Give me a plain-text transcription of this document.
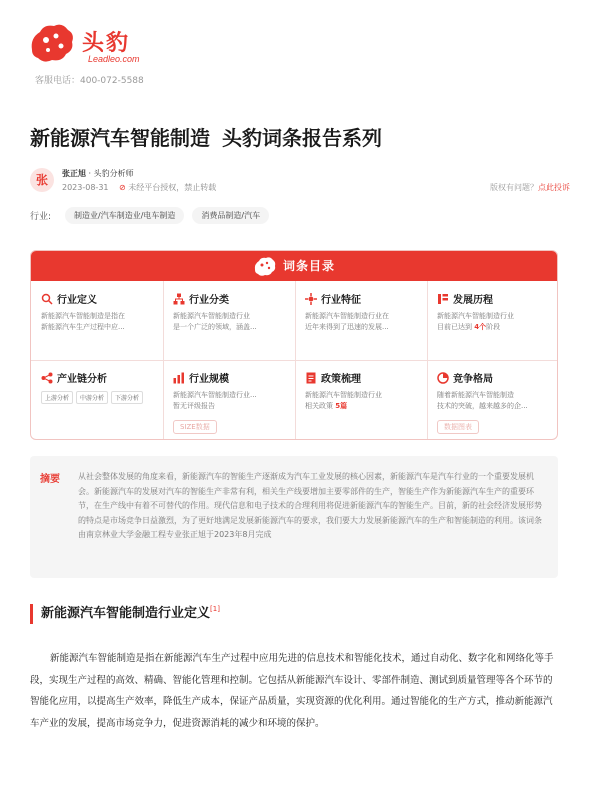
头豹
Leadleo.com
客服电话：400-072-5588
新能源汽车智能制造 头豹词条报告系列
张	张正旭 · 头豹分析师
2023-08-31 ⊘ 未经平台授权，禁止转载	版权有问题？点此投诉
行业:	制造业/汽车制造业/电车制造	消费品制造/汽车
词条目录
行业定义
新能源汽车智能制造是指在
新能源汽车生产过程中应...
行业分类
新能源汽车智能制造行业
是一个广泛的领域，涵盖...
行业特征
新能源汽车智能制造行业在
近年来得到了迅速的发展...
发展历程
新能源汽车智能制造行业
目前已达到 4个阶段
产业链分析
上游分析 中游分析 下游分析
行业规模
新能源汽车智能制造行业...
暂无评级报告
SIZE数据
政策梳理
新能源汽车智能制造行业
相关政策 5篇
竞争格局
随着新能源汽车智能制造
技术的突破，越来越多的企...
数据图表
摘要 从社会整体发展的角度来看，新能源汽车的智能生产逐渐成为汽车工业发展的核心因素，新能源汽车是汽车行业的一个重要发展机会。新能源汽车的发展对汽车的智能生产非常有利，相关生产线要增加主要零部件的生产，智能生产作为新能源汽车生产的重要环节，在生产线中有着不可替代的作用。现代信息和电子技术的合理利用将促进新能源汽车的智能生产。目前，新的社会经济发展形势的特点是市场竞争日益激烈，为了更好地满足发展新能源汽车的要求，我们要大力发展新能源汽车的生产和智能制造的利用。该词条由南京林业大学金融工程专业张正旭于2023年8月完成
新能源汽车智能制造行业定义[1]
新能源汽车智能制造是指在新能源汽车生产过程中应用先进的信息技术和智能化技术，通过自动化、数字化和网络化等手段，实现生产过程的高效、精确、智能化管理和控制。它包括从新能源汽车设计、零部件制造、测试到质量管理等各个环节的智能化应用，以提高生产效率，降低生产成本，保证产品质量，实现资源的优化利用。通过智能化的生产方式，推动新能源汽车产业的发展，提高市场竞争力，促进资源消耗的减少和环境的保护。
